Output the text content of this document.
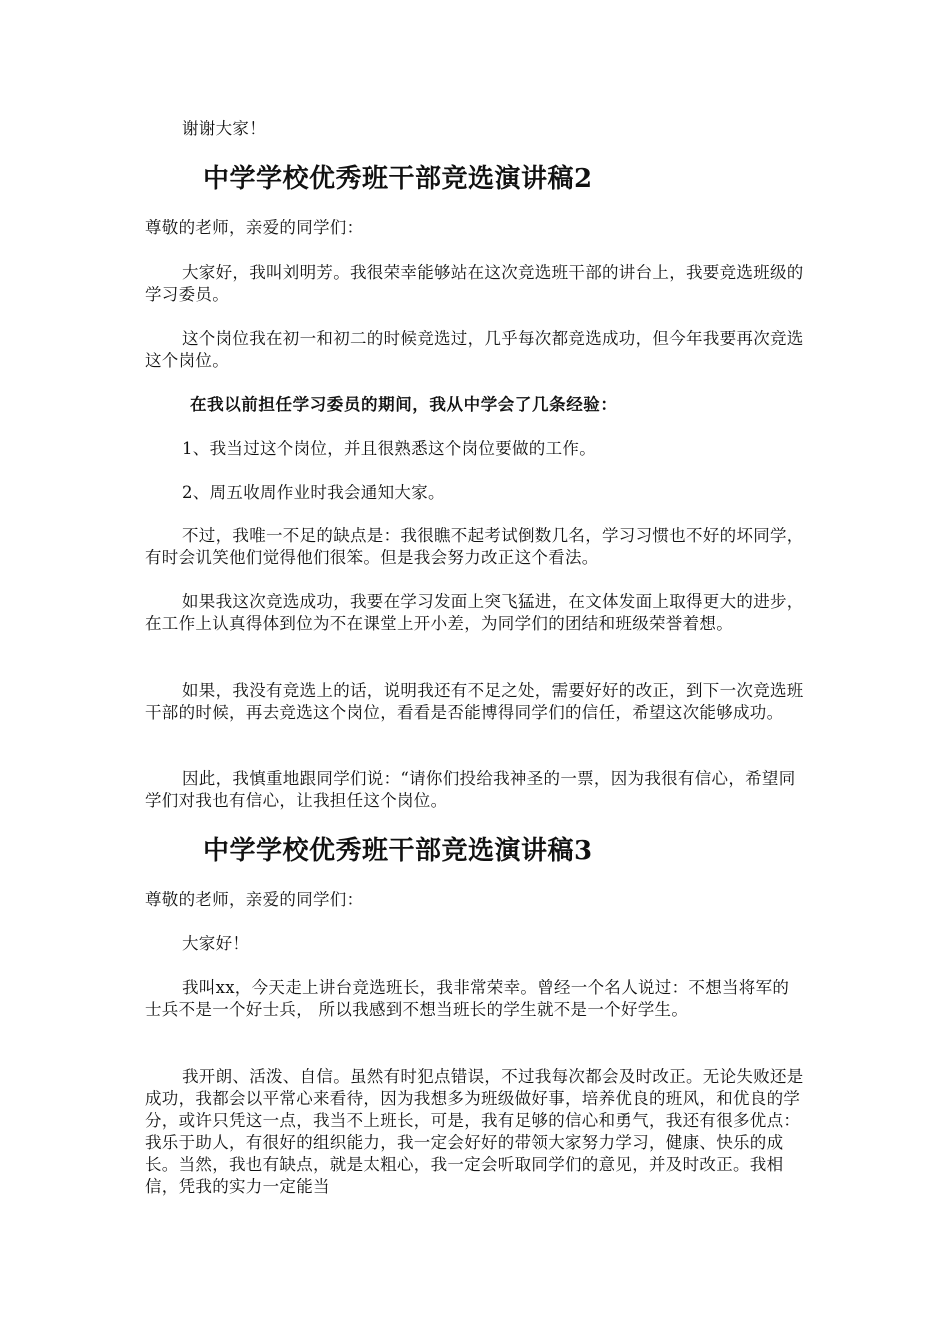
谢谢大家！

中学学校优秀班干部竞选演讲稿2

尊敬的老师，亲爱的同学们：

大家好，我叫刘明芳。我很荣幸能够站在这次竞选班干部的讲台上，我要竞选班级的学习委员。

这个岗位我在初一和初二的时候竞选过，几乎每次都竞选成功，但今年我要再次竞选这个岗位。

在我以前担任学习委员的期间，我从中学会了几条经验：

1、我当过这个岗位，并且很熟悉这个岗位要做的工作。

2、周五收周作业时我会通知大家。

不过，我唯一不足的缺点是：我很瞧不起考试倒数几名，学习习惯也不好的坏同学，有时会讥笑他们觉得他们很笨。但是我会努力改正这个看法。

如果我这次竞选成功，我要在学习发面上突飞猛进，在文体发面上取得更大的进步，在工作上认真得体到位为不在课堂上开小差，为同学们的团结和班级荣誉着想。

如果，我没有竞选上的话，说明我还有不足之处，需要好好的改正，到下一次竞选班干部的时候，再去竞选这个岗位，看看是否能博得同学们的信任，希望这次能够成功。

因此，我慎重地跟同学们说：“请你们投给我神圣的一票，因为我很有信心，希望同学们对我也有信心，让我担任这个岗位。

中学学校优秀班干部竞选演讲稿3

尊敬的老师，亲爱的同学们：

大家好！

我叫xx，今天走上讲台竞选班长，我非常荣幸。曾经一个名人说过：不想当将军的士兵不是一个好士兵， 所以我感到不想当班长的学生就不是一个好学生。

我开朗、活泼、自信。虽然有时犯点错误，不过我每次都会及时改正。无论失败还是成功，我都会以平常心来看待，因为我想多为班级做好事，培养优良的班风，和优良的学分，或许只凭这一点，我当不上班长，可是，我有足够的信心和勇气，我还有很多优点：我乐于助人，有很好的组织能力，我一定会好好的带领大家努力学习，健康、快乐的成长。当然，我也有缺点，就是太粗心，我一定会听取同学们的意见，并及时改正。我相信，凭我的实力一定能当
